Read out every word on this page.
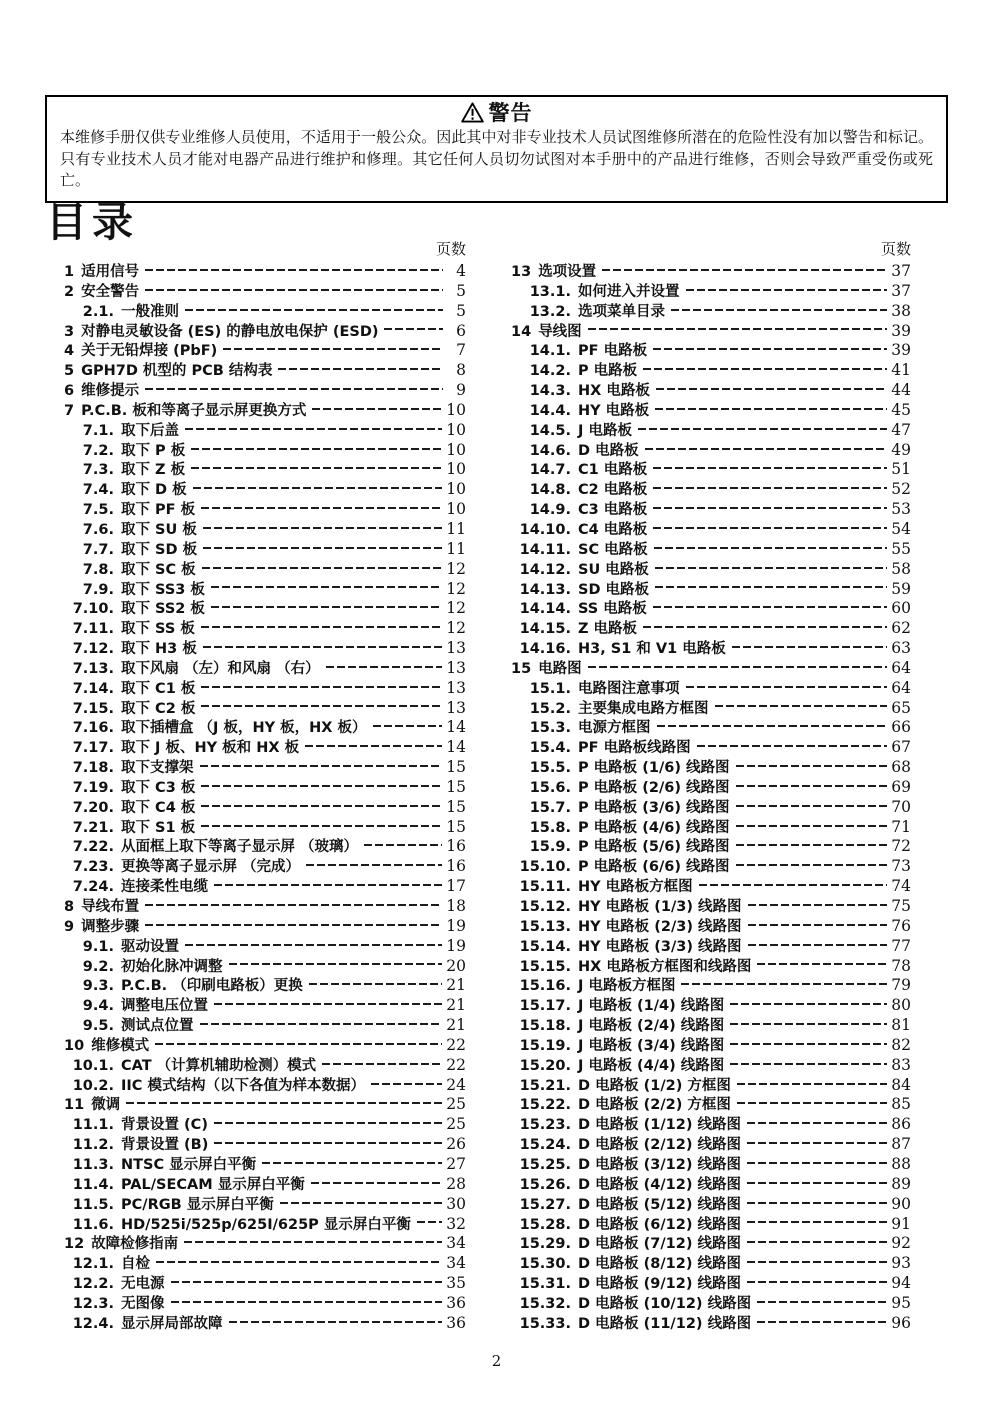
警告
本维修手册仅供专业维修人员使用，不适用于一般公众。因此其中对非专业技术人员试图维修所潜在的危险性没有加以警告和标记。只有专业技术人员才能对电器产品进行维护和修理。其它任何人员切勿试图对本手册中的产品进行维修，否则会导致严重受伤或死亡。
目录
页数
1 适用信号	4
2 安全警告	5
2.1. 一般准则	5
3 对静电灵敏设备 (ES) 的静电放电保护 (ESD)	6
4 关于无铅焊接 (PbF)	7
5 GPH7D 机型的 PCB 结构表	8
6 维修提示	9
7 P.C.B. 板和等离子显示屏更换方式	10
7.1. 取下后盖	10
7.2. 取下 P 板	10
7.3. 取下 Z 板	10
7.4. 取下 D 板	10
7.5. 取下 PF 板	10
7.6. 取下 SU 板	11
7.7. 取下 SD 板	11
7.8. 取下 SC 板	12
7.9. 取下 SS3 板	12
7.10. 取下 SS2 板	12
7.11. 取下 SS 板	12
7.12. 取下 H3 板	13
7.13. 取下风扇 （左）和风扇 （右）	13
7.14. 取下 C1 板	13
7.15. 取下 C2 板	13
7.16. 取下插槽盒 （J 板，HY 板，HX 板）	14
7.17. 取下 J 板、HY 板和 HX 板	14
7.18. 取下支撑架	15
7.19. 取下 C3 板	15
7.20. 取下 C4 板	15
7.21. 取下 S1 板	15
7.22. 从面框上取下等离子显示屏 （玻璃）	16
7.23. 更换等离子显示屏 （完成）	16
7.24. 连接柔性电缆	17
8 导线布置	18
9 调整步骤	19
9.1. 驱动设置	19
9.2. 初始化脉冲调整	20
9.3. P.C.B. （印刷电路板）更换	21
9.4. 调整电压位置	21
9.5. 测试点位置	21
10 维修模式	22
10.1. CAT （计算机辅助检测）模式	22
10.2. IIC 模式结构（以下各值为样本数据）	24
11 微调	25
11.1. 背景设置 (C)	25
11.2. 背景设置 (B)	26
11.3. NTSC 显示屏白平衡	27
11.4. PAL/SECAM 显示屏白平衡	28
11.5. PC/RGB 显示屏白平衡	30
11.6. HD/525i/525p/625I/625P 显示屏白平衡 32
12 故障检修指南	34
12.1. 自检	34
12.2. 无电源	35
12.3. 无图像	36
12.4. 显示屏局部故障	36
页数
13 选项设置	37
13.1. 如何进入并设置	37
13.2. 选项菜单目录	38
14 导线图	39
14.1. PF 电路板	39
14.2. P 电路板	41
14.3. HX 电路板	44
14.4. HY 电路板	45
14.5. J 电路板	47
14.6. D 电路板	49
14.7. C1 电路板	51
14.8. C2 电路板	52
14.9. C3 电路板	53
14.10. C4 电路板	54
14.11. SC 电路板	55
14.12. SU 电路板	58
14.13. SD 电路板	59
14.14. SS 电路板	60
14.15. Z 电路板	62
14.16. H3, S1 和 V1 电路板	63
15 电路图	64
15.1. 电路图注意事项	64
15.2. 主要集成电路方框图	65
15.3. 电源方框图	66
15.4. PF 电路板线路图	67
15.5. P 电路板 (1/6) 线路图	68
15.6. P 电路板 (2/6) 线路图	69
15.7. P 电路板 (3/6) 线路图	70
15.8. P 电路板 (4/6) 线路图	71
15.9. P 电路板 (5/6) 线路图	72
15.10. P 电路板 (6/6) 线路图	73
15.11. HY 电路板方框图	74
15.12. HY 电路板 (1/3) 线路图	75
15.13. HY 电路板 (2/3) 线路图	76
15.14. HY 电路板 (3/3) 线路图	77
15.15. HX 电路板方框图和线路图	78
15.16. J 电路板方框图	79
15.17. J 电路板 (1/4) 线路图	80
15.18. J 电路板 (2/4) 线路图	81
15.19. J 电路板 (3/4) 线路图	82
15.20. J 电路板 (4/4) 线路图	83
15.21. D 电路板 (1/2) 方框图	84
15.22. D 电路板 (2/2) 方框图	85
15.23. D 电路板 (1/12) 线路图	86
15.24. D 电路板 (2/12) 线路图	87
15.25. D 电路板 (3/12) 线路图	88
15.26. D 电路板 (4/12) 线路图	89
15.27. D 电路板 (5/12) 线路图	90
15.28. D 电路板 (6/12) 线路图	91
15.29. D 电路板 (7/12) 线路图	92
15.30. D 电路板 (8/12) 线路图	93
15.31. D 电路板 (9/12) 线路图	94
15.32. D 电路板 (10/12) 线路图	95
15.33. D 电路板 (11/12) 线路图	96
2
